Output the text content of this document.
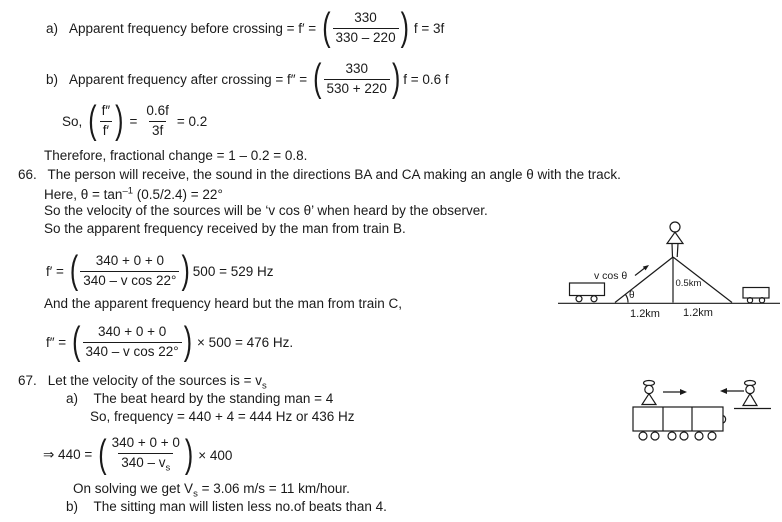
a) Apparent frequency before crossing = f′ = ( $\frac{330}{330 - 220}$ ) f = 3f
b) Apparent frequency after crossing = f″ = ( $\frac{330}{530 + 220}$ ) f = 0.6 f
So, ( $\frac{f''}{f'}$ ) = $\frac{0.6f}{3f} = 0.2$
Therefore, fractional change = 1 – 0.2 = 0.8.
66. The person will receive, the sound in the directions BA and CA making an angle θ with the track.
Here, $\theta = \tan^{-1} (0.5/2.4) = 22^\circ$
So the velocity of the sources will be ‘v cos θ’ when heard by the observer.
So the apparent frequency received by the man from train B.
f′ = ( $\frac{340 + 0 + 0}{\text{340 – v cos 22°}}$ ) 500 = 529 Hz
And the apparent frequency heard but the man from train C,
f″ = ( $\frac{340 + 0 + 0}{\text{340 – v cos 22°}}$ ) × 500 = 476 Hz.
67. Let the velocity of the sources is = $v_s$
a) The beat heard by the standing man = 4
So, frequency = 440 + 4 = 444 Hz or 436 Hz
⇒ 440 = ( $\frac{340 + 0 + 0}{340 - v_s}$ ) × 400
On solving we get $V_s = 3.06$ m/s = 11 km/hour.
b) The sitting man will listen less no.of beats than 4.
v cos θ
θ
0.5km
1.2km 1.2km
